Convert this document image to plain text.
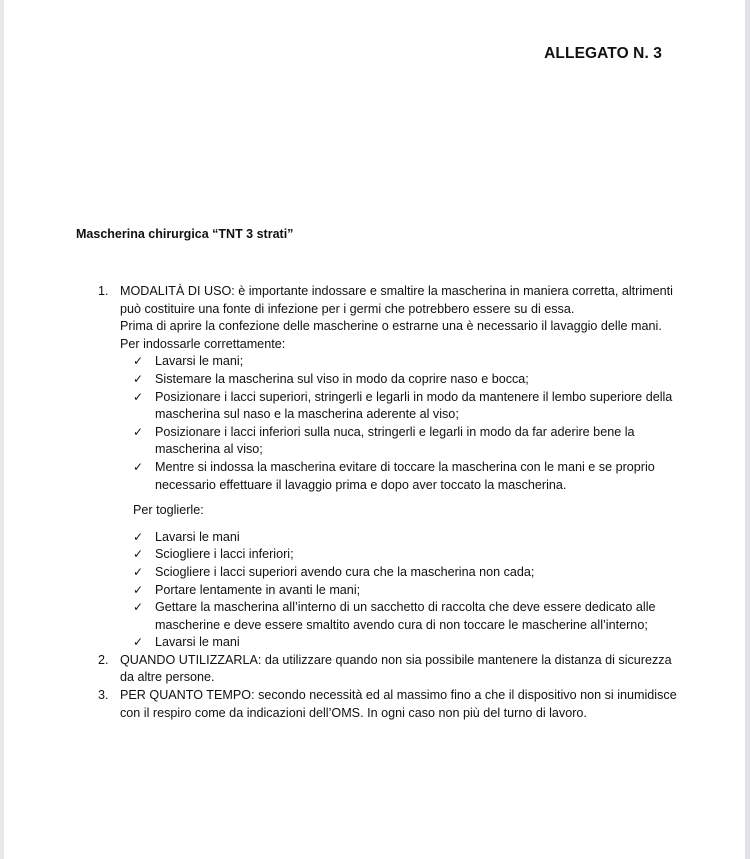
ALLEGATO N. 3
Mascherina chirurgica “TNT 3 strati”
1. MODALITÀ DI USO: è importante indossare e smaltire la mascherina in maniera corretta, altrimenti può costituire una fonte di infezione per i germi che potrebbero essere su di essa.
Prima di aprire la confezione delle mascherine o estrarne una è necessario il lavaggio delle mani.
Per indossarle correttamente:
✓ Lavarsi le mani;
✓ Sistemare la mascherina sul viso in modo da coprire naso e bocca;
✓ Posizionare i lacci superiori, stringerli e legarli in modo da mantenere il lembo superiore della mascherina sul naso e la mascherina aderente al viso;
✓ Posizionare i lacci inferiori sulla nuca, stringerli e legarli in modo da far aderire bene la mascherina al viso;
✓ Mentre si indossa la mascherina evitare di toccare la mascherina con le mani e se proprio necessario effettuare il lavaggio prima e dopo aver toccato la mascherina.
Per toglierle:
✓ Lavarsi le mani
✓ Sciogliere i lacci inferiori;
✓ Sciogliere i lacci superiori avendo cura che la mascherina non cada;
✓ Portare lentamente in avanti le mani;
✓ Gettare la mascherina all’interno di un sacchetto di raccolta che deve essere dedicato alle mascherine e deve essere smaltito avendo cura di non toccare le mascherine all’interno;
✓ Lavarsi le mani
2. QUANDO UTILIZZARLA: da utilizzare quando non sia possibile mantenere la distanza di sicurezza da altre persone.
3. PER QUANTO TEMPO: secondo necessità ed al massimo fino a che il dispositivo non si inumidisce con il respiro come da indicazioni dell’OMS. In ogni caso non più del turno di lavoro.
